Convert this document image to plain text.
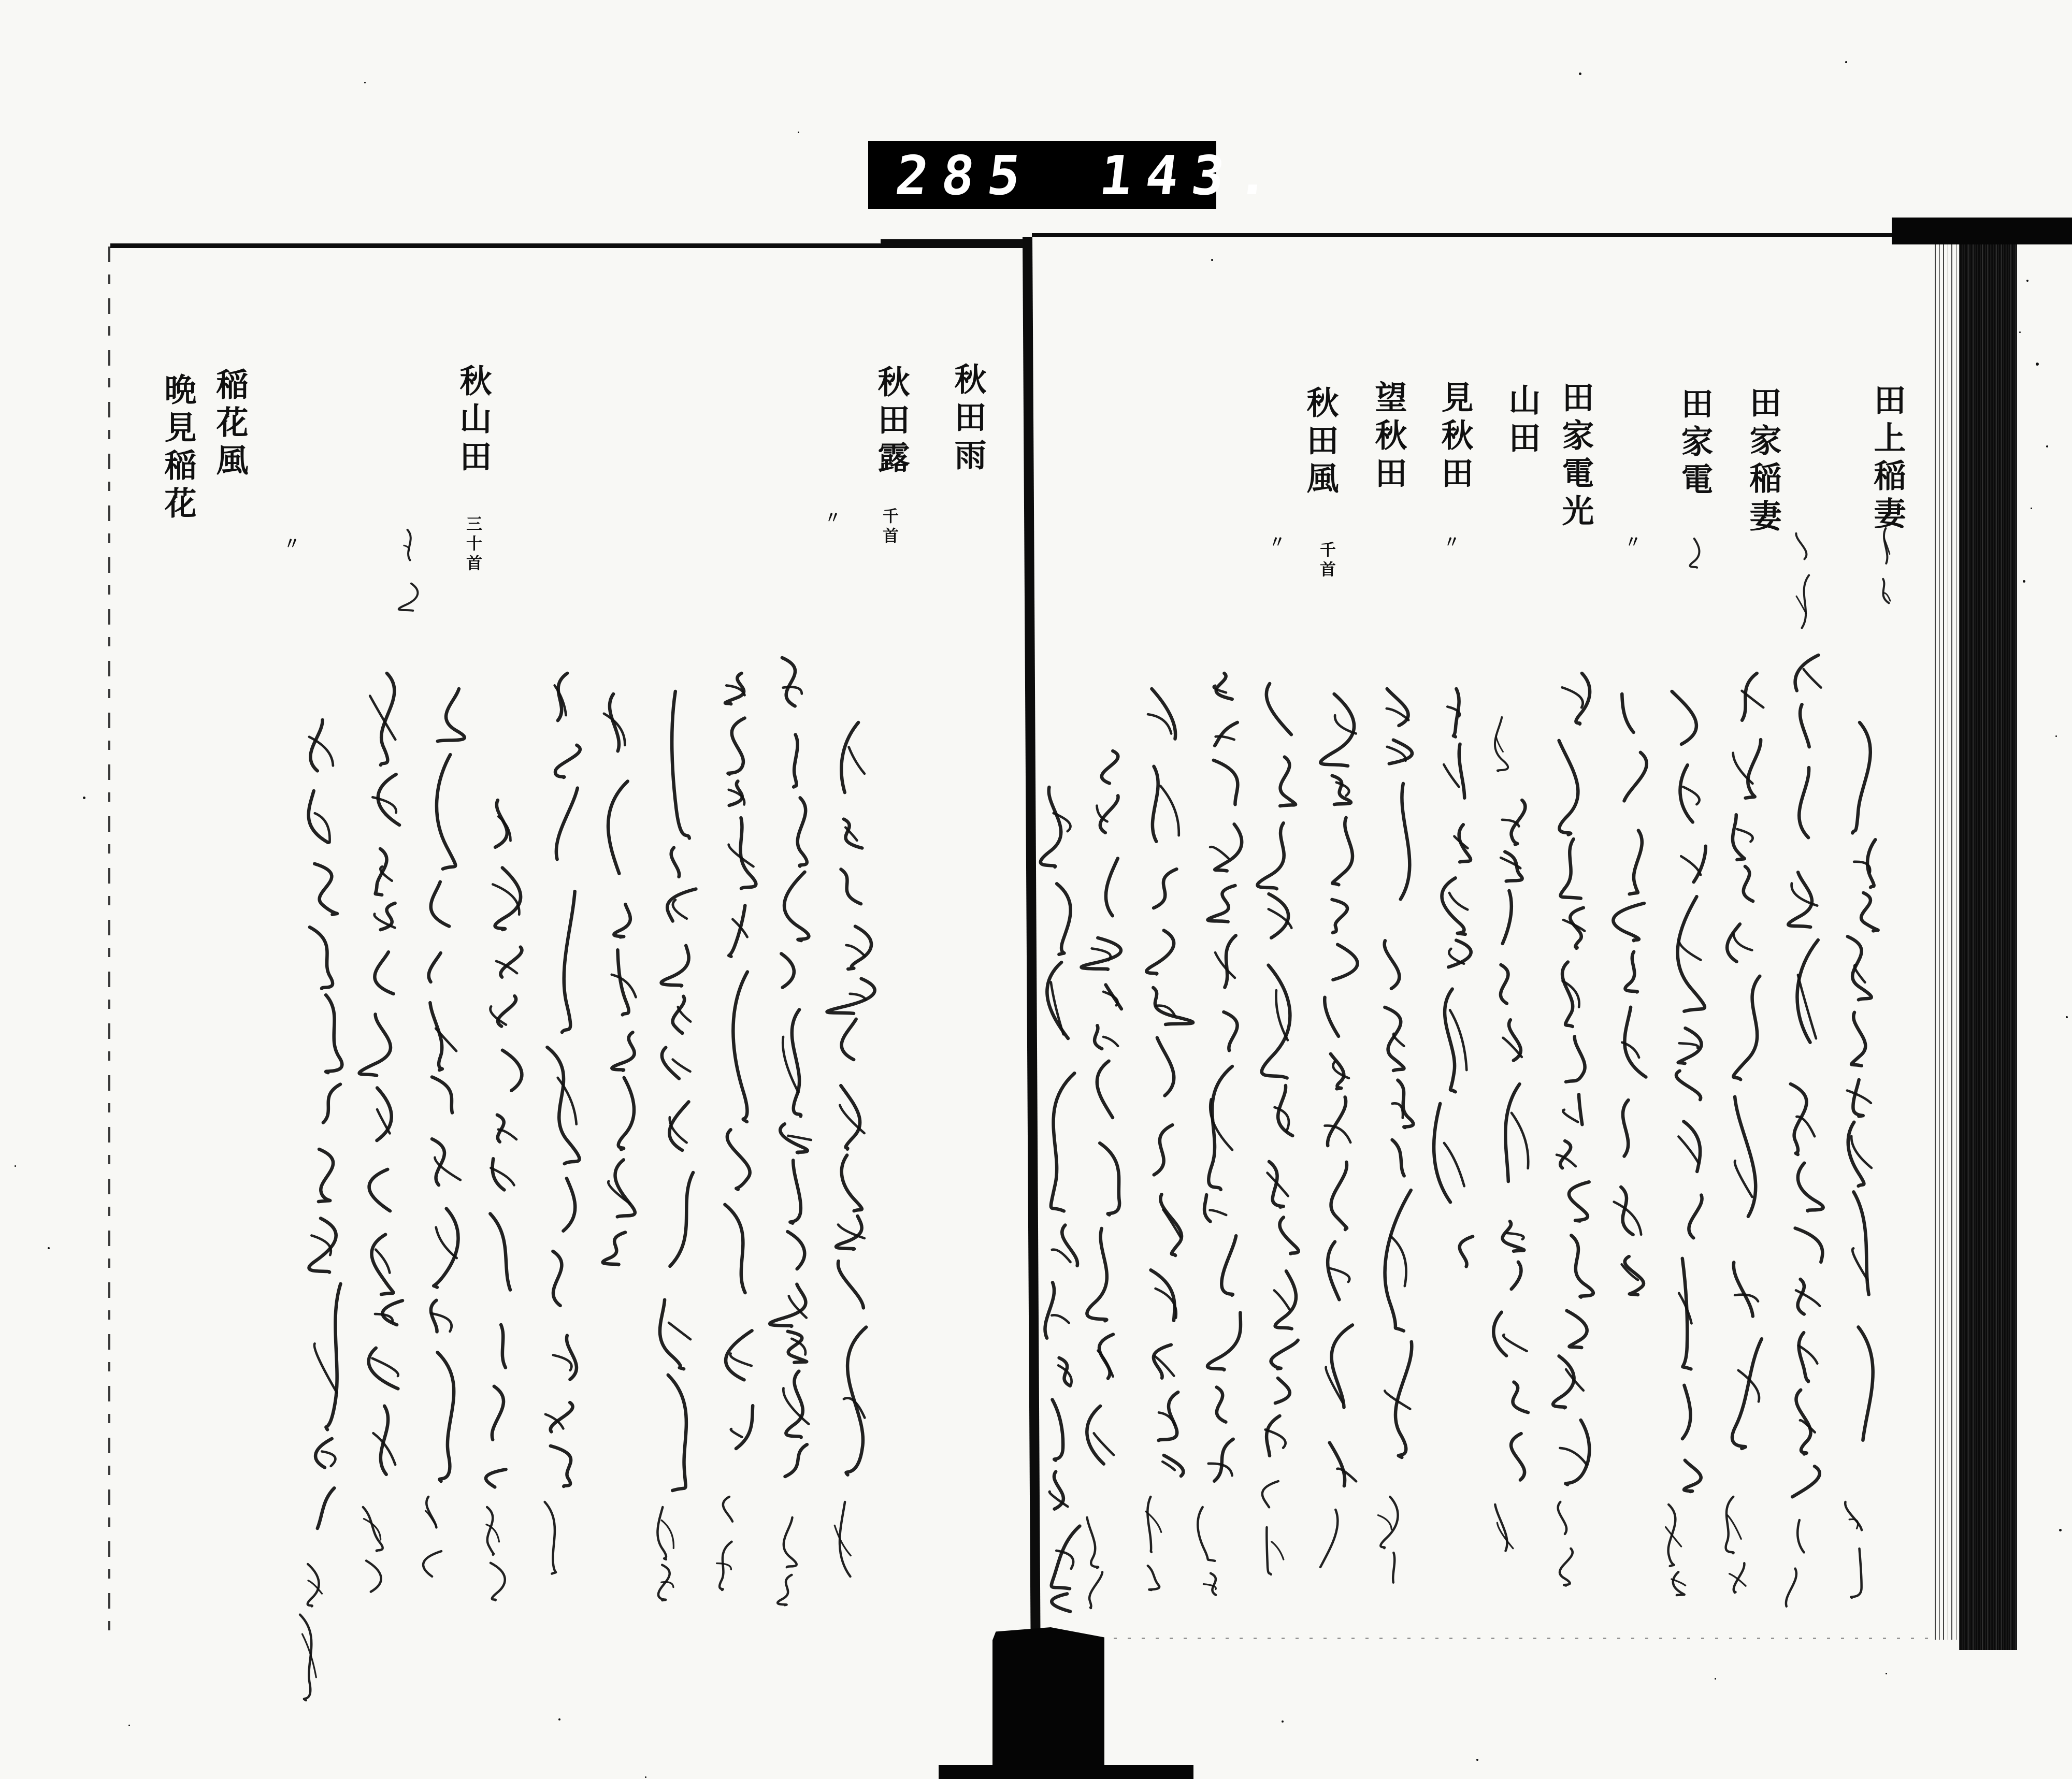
285 143.
田上稲妻
田家稲妻
田家電
田家電光
山田
見秋田
望秋田
秋田風
〃
〃
千首
〃
秋田雨
秋田露
秋山田
稲花風
晩見稲花
千首
〃
三十首
〃
